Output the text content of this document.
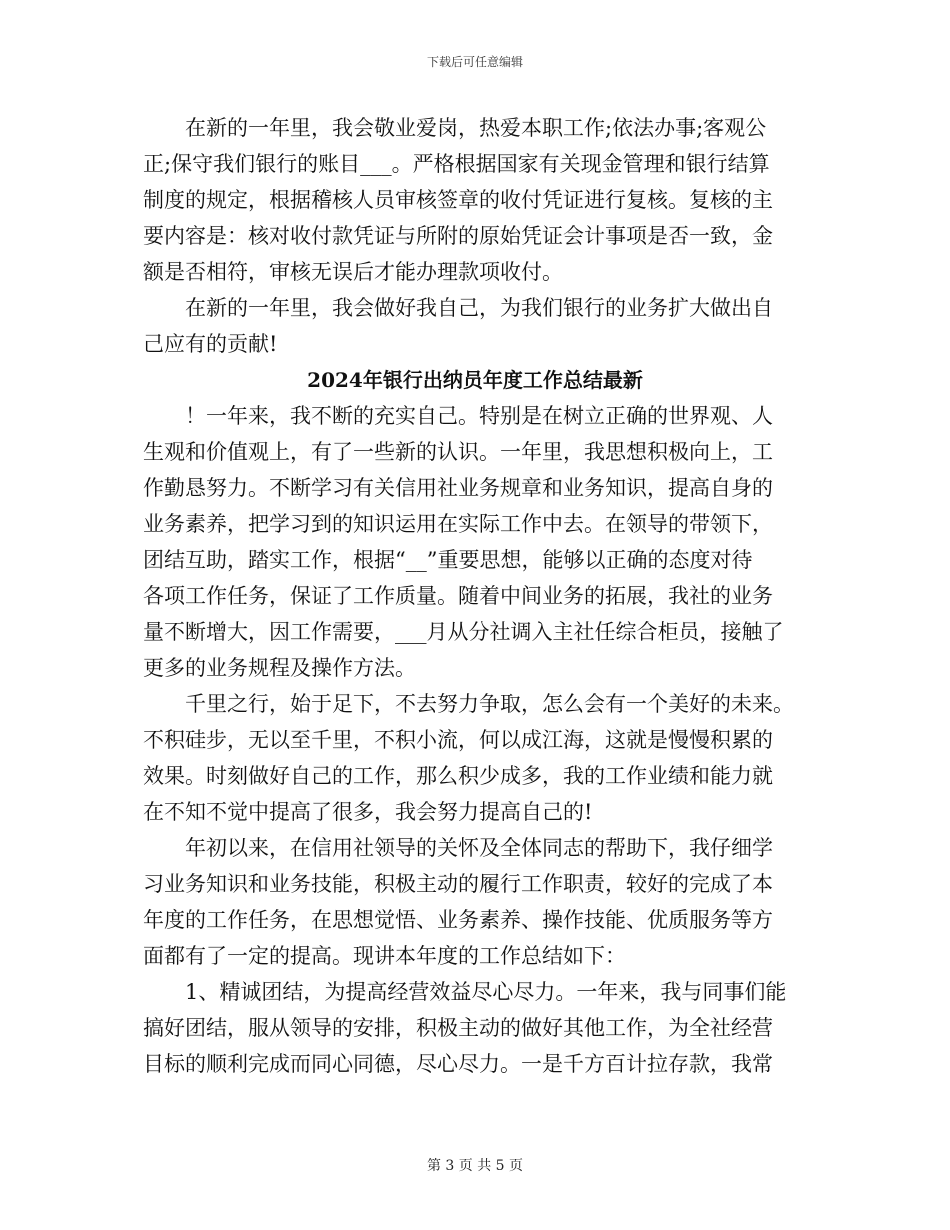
下载后可任意编辑
在新的一年里，我会敬业爱岗，热爱本职工作;依法办事;客观公
正;保守我们银行的账目___。严格根据国家有关现金管理和银行结算
制度的规定，根据稽核人员审核签章的收付凭证进行复核。复核的主
要内容是：核对收付款凭证与所附的原始凭证会计事项是否一致，金
额是否相符，审核无误后才能办理款项收付。
在新的一年里，我会做好我自己，为我们银行的业务扩大做出自
己应有的贡献!
2024年银行出纳员年度工作总结最新
！一年来，我不断的充实自己。特别是在树立正确的世界观、人
生观和价值观上，有了一些新的认识。一年里，我思想积极向上，工
作勤恳努力。不断学习有关信用社业务规章和业务知识，提高自身的
业务素养，把学习到的知识运用在实际工作中去。在领导的带领下，
团结互助，踏实工作，根据“__”重要思想，能够以正确的态度对待
各项工作任务，保证了工作质量。随着中间业务的拓展，我社的业务
量不断增大，因工作需要，___月从分社调入主社任综合柜员，接触了
更多的业务规程及操作方法。
千里之行，始于足下，不去努力争取，怎么会有一个美好的未来。
不积硅步，无以至千里，不积小流，何以成江海，这就是慢慢积累的
效果。时刻做好自己的工作，那么积少成多，我的工作业绩和能力就
在不知不觉中提高了很多，我会努力提高自己的!
年初以来，在信用社领导的关怀及全体同志的帮助下，我仔细学
习业务知识和业务技能，积极主动的履行工作职责，较好的完成了本
年度的工作任务，在思想觉悟、业务素养、操作技能、优质服务等方
面都有了一定的提高。现讲本年度的工作总结如下：
1、精诚团结，为提高经营效益尽心尽力。一年来，我与同事们能
搞好团结，服从领导的安排，积极主动的做好其他工作，为全社经营
目标的顺利完成而同心同德，尽心尽力。一是千方百计拉存款，我常
第 3 页 共 5 页
